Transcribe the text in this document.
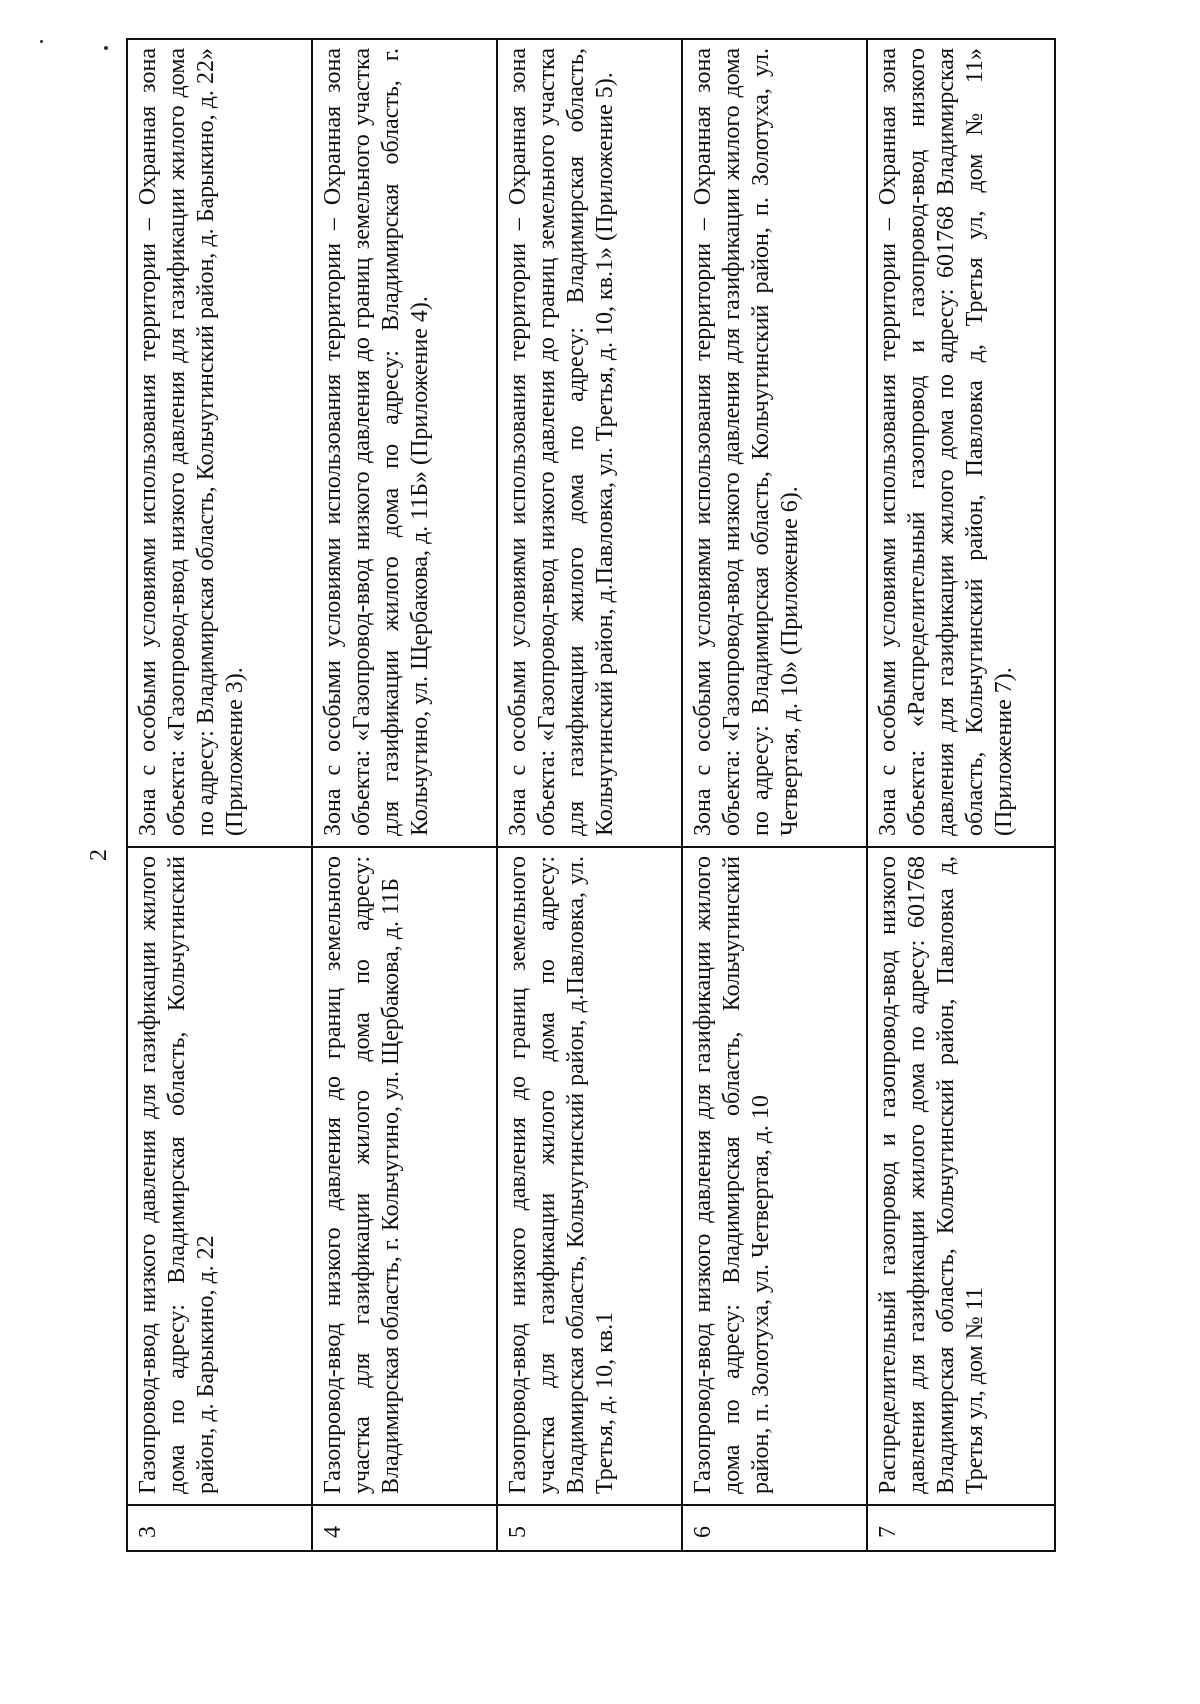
2
3	Газопровод-ввод низкого давления для газификации жилого дома по адресу: Владимирская область, Кольчугинский район, д. Барыкино, д. 22	Зона с особыми условиями использования территории – Охранная зона объекта: «Газопровод-ввод низкого давления для газификации жилого дома по адресу: Владимирская область, Кольчугинский район, д. Барыкино, д. 22» (Приложение 3).
4	Газопровод-ввод низкого давления до границ земельного участка для газификации жилого дома по адресу: Владимирская область, г. Кольчугино, ул. Щербакова, д. 11Б	Зона с особыми условиями использования территории – Охранная зона объекта: «Газопровод-ввод низкого давления до границ земельного участка для газификации жилого дома по адресу: Владимирская область, г. Кольчугино, ул. Щербакова, д. 11Б» (Приложение 4).
5	Газопровод-ввод низкого давления до границ земельного участка для газификации жилого дома по адресу: Владимирская область, Кольчугинский район, д.Павловка, ул. Третья, д. 10, кв.1	Зона с особыми условиями использования территории – Охранная зона объекта: «Газопровод-ввод низкого давления до границ земельного участка для газификации жилого дома по адресу: Владимирская область, Кольчугинский район, д.Павловка, ул. Третья, д. 10, кв.1» (Приложение 5).
6	Газопровод-ввод низкого давления для газификации жилого дома по адресу: Владимирская область, Кольчугинский район, п. Золотуха, ул. Четвертая, д. 10	Зона с особыми условиями использования территории – Охранная зона объекта: «Газопровод-ввод низкого давления для газификации жилого дома по адресу: Владимирская область, Кольчугинский район, п. Золотуха, ул. Четвертая, д. 10» (Приложение 6).
7	Распределительный газопровод и газопровод-ввод низкого давления для газификации жилого дома по адресу: 601768 Владимирская область, Кольчугинский район, Павловка д, Третья ул, дом № 11	Зона с особыми условиями использования территории – Охранная зона объекта: «Распределительный газопровод и газопровод-ввод низкого давления для газификации жилого дома по адресу: 601768 Владимирская область, Кольчугинский район, Павловка д, Третья ул, дом № 11» (Приложение 7).
